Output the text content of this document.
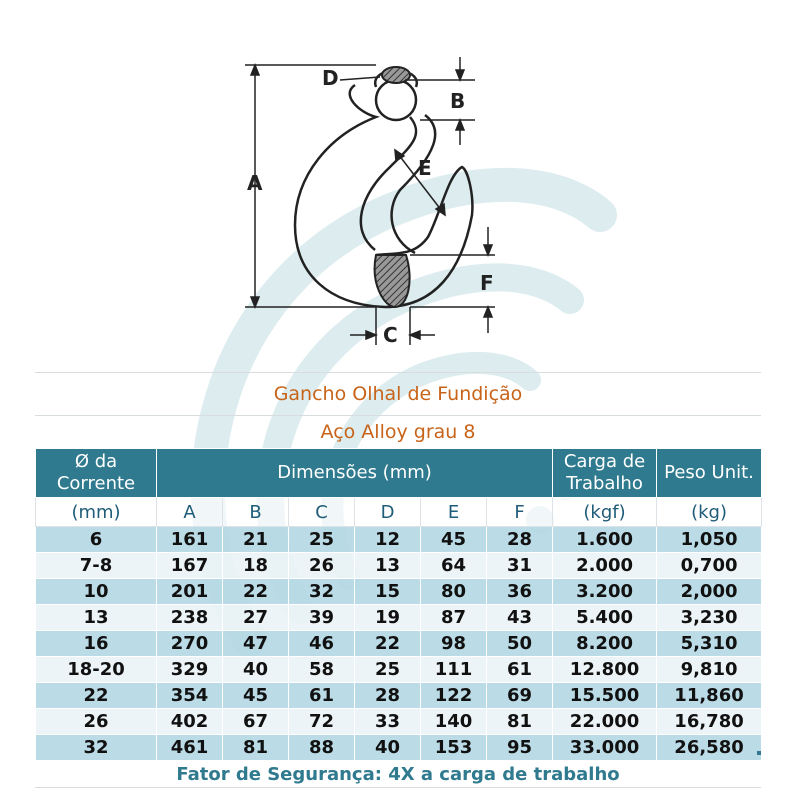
D
B
A
E
F
C
Gancho Olhal de Fundição
Aço Alloy grau 8
Ø da Corrente	Dimensões (mm)						Carga de Trabalho	Peso Unit.
(mm)	A	B	C	D	E	F	(kgf)	(kg)
6	161	21	25	12	45	28	1.600	1,050
7-8	167	18	26	13	64	31	2.000	0,700
10	201	22	32	15	80	36	3.200	2,000
13	238	27	39	19	87	43	5.400	3,230
16	270	47	46	22	98	50	8.200	5,310
18-20	329	40	58	25	111	61	12.800	9,810
22	354	45	61	28	122	69	15.500	11,860
26	402	67	72	33	140	81	22.000	16,780
32	461	81	88	40	153	95	33.000	26,580
Fator de Segurança: 4X a carga de trabalho
